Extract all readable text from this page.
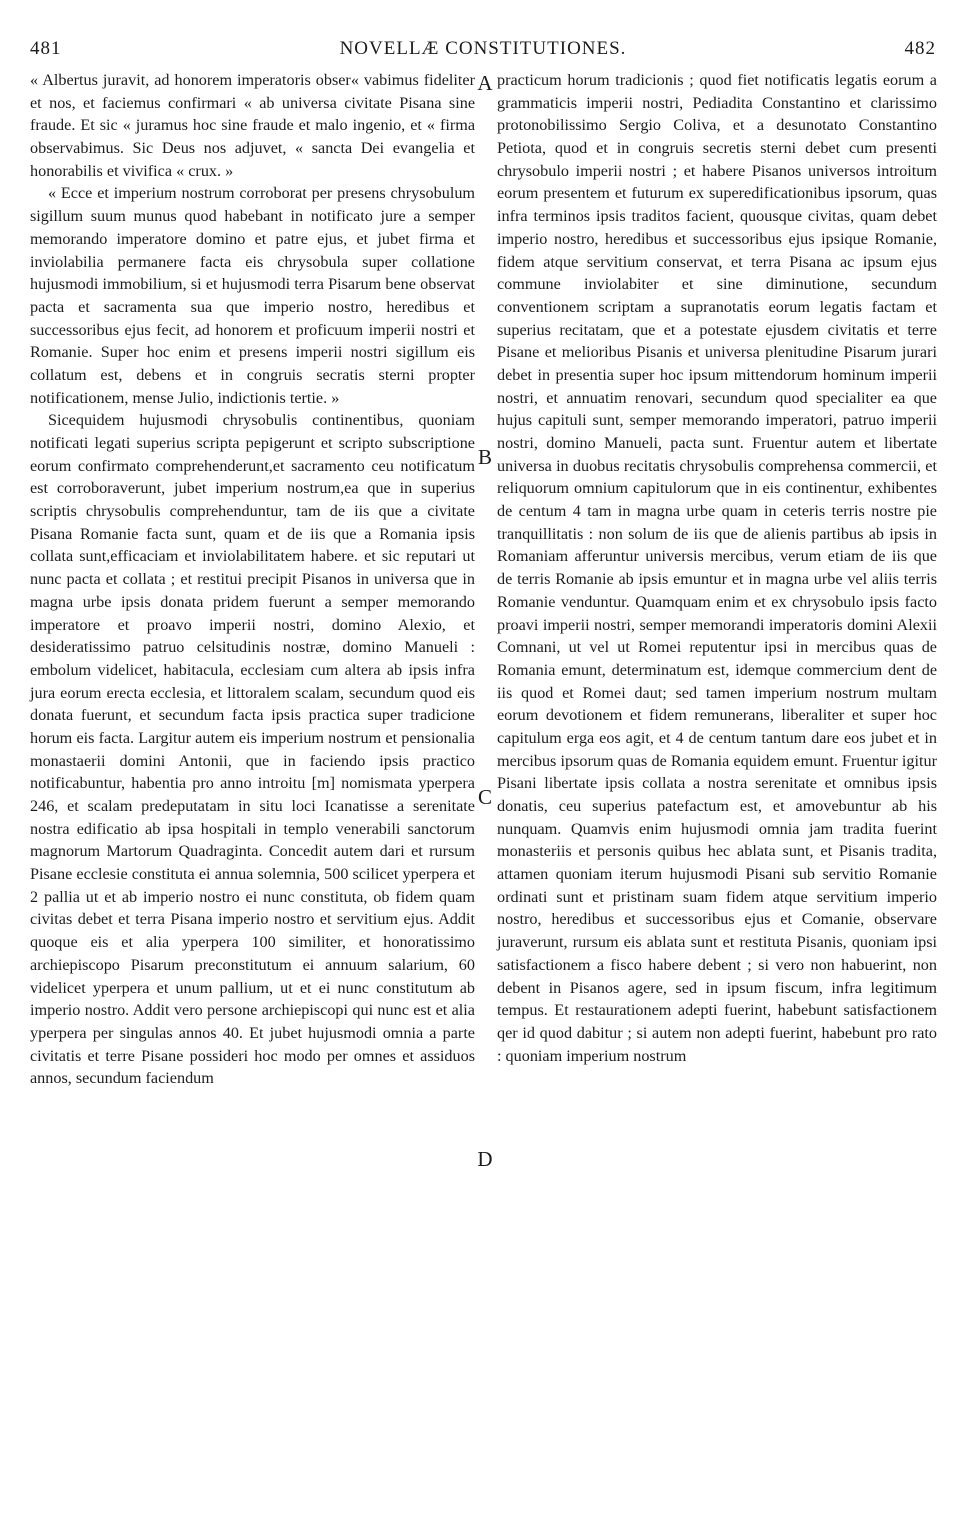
481	NOVELLÆ CONSTITUTIONES.	482

« Albertus juravit, ad honorem imperatoris obser« vabimus fideliter et nos, et faciemus confirmari « ab universa civitate Pisana sine fraude. Et sic « juramus hoc sine fraude et malo ingenio, et « firma observabimus. Sic Deus nos adjuvet, « sancta Dei evangelia et honorabilis et vivifica « crux. »

« Ecce et imperium nostrum corroborat per presens chrysobulum sigillum suum munus quod habebant in notificato jure a semper memorando imperatore domino et patre ejus, et jubet firma et inviolabilia permanere facta eis chrysobula super collatione hujusmodi immobilium, si et hujusmodi terra Pisarum bene observat pacta et sacramenta sua que imperio nostro, heredibus et successoribus ejus fecit, ad honorem et proficuum imperii nostri et Romanie. Super hoc enim et presens imperii nostri sigillum eis collatum est, debens et in congruis secratis sterni propter notificationem, mense Julio, indictionis tertie. »

Sicequidem hujusmodi chrysobulis continentibus, quoniam notificati legati superius scripta pepigerunt et scripto subscriptione eorum confirmato comprehenderunt,et sacramento ceu notificatum est corroboraverunt, jubet imperium nostrum,ea que in superius scriptis chrysobulis comprehenduntur, tam de iis que a civitate Pisana Romanie facta sunt, quam et de iis que a Romania ipsis collata sunt,efficaciam et inviolabilitatem habere. et sic reputari ut nunc pacta et collata ; et restitui precipit Pisanos in universa que in magna urbe ipsis donata pridem fuerunt a semper memorando imperatore et proavo imperii nostri, domino Alexio, et desideratissimo patruo celsitudinis nostræ, domino Manueli : embolum videlicet, habitacula, ecclesiam cum altera ab ipsis infra jura eorum erecta ecclesia, et littoralem scalam, secundum quod eis donata fuerunt, et secundum facta ipsis practica super tradicione horum eis facta. Largitur autem eis imperium nostrum et pensionalia monastaerii domini Antonii, que in faciendo ipsis practico notificabuntur, habentia pro anno introitu [m] nomismata yperpera 246, et scalam predeputatam in situ loci Icanatisse a serenitate nostra edificatio ab ipsa hospitali in templo venerabili sanctorum magnorum Martorum Quadraginta. Concedit autem dari et rursum Pisane ecclesie constituta ei annua solemnia, 500 scilicet yperpera et 2 pallia ut et ab imperio nostro ei nunc constituta, ob fidem quam civitas debet et terra Pisana imperio nostro et servitium ejus. Addit quoque eis et alia yperpera 100 similiter, et honoratissimo archiepiscopo Pisarum preconstitutum ei annuum salarium, 60 videlicet yperpera et unum pallium, ut et ei nunc constitutum ab imperio nostro. Addit vero persone archiepiscopi qui nunc est et alia yperpera per singulas annos 40. Et jubet hujusmodi omnia a parte civitatis et terre Pisane possideri hoc modo per omnes et assiduos annos, secundum faciendum

A
B
C
D

practicum horum tradicionis ; quod fiet notificatis legatis eorum a grammaticis imperii nostri, Pediadita Constantino et clarissimo protonobilissimo Sergio Coliva, et a desunotato Constantino Petiota, quod et in congruis secretis sterni debet cum presenti chrysobulo imperii nostri ; et habere Pisanos universos introitum eorum presentem et futurum ex superedificationibus ipsorum, quas infra terminos ipsis traditos facient, quousque civitas, quam debet imperio nostro, heredibus et successoribus ejus ipsique Romanie, fidem atque servitium conservat, et terra Pisana ac ipsum ejus commune inviolabiter et sine diminutione, secundum conventionem scriptam a supranotatis eorum legatis factam et superius recitatam, que et a potestate ejusdem civitatis et terre Pisane et melioribus Pisanis et universa plenitudine Pisarum jurari debet in presentia super hoc ipsum mittendorum hominum imperii nostri, et annuatim renovari, secundum quod specialiter ea que hujus capituli sunt, semper memorando imperatori, patruo imperii nostri, domino Manueli, pacta sunt. Fruentur autem et libertate universa in duobus recitatis chrysobulis comprehensa commercii, et reliquorum omnium capitulorum que in eis continentur, exhibentes de centum 4 tam in magna urbe quam in ceteris terris nostre pie tranquillitatis : non solum de iis que de alienis partibus ab ipsis in Romaniam afferuntur universis mercibus, verum etiam de iis que de terris Romanie ab ipsis emuntur et in magna urbe vel aliis terris Romanie venduntur. Quamquam enim et ex chrysobulo ipsis facto proavi imperii nostri, semper memorandi imperatoris domini Alexii Comnani, ut vel ut Romei reputentur ipsi in mercibus quas de Romania emunt, determinatum est, idemque commercium dent de iis quod et Romei daut; sed tamen imperium nostrum multam eorum devotionem et fidem remunerans, liberaliter et super hoc capitulum erga eos agit, et 4 de centum tantum dare eos jubet et in mercibus ipsorum quas de Romania equidem emunt. Fruentur igitur Pisani libertate ipsis collata a nostra serenitate et omnibus ipsis donatis, ceu superius patefactum est, et amovebuntur ab his nunquam. Quamvis enim hujusmodi omnia jam tradita fuerint monasteriis et personis quibus hec ablata sunt, et Pisanis tradita, attamen quoniam iterum hujusmodi Pisani sub servitio Romanie ordinati sunt et pristinam suam fidem atque servitium imperio nostro, heredibus et successoribus ejus et Comanie, observare juraverunt, rursum eis ablata sunt et restituta Pisanis, quoniam ipsi satisfactionem a fisco habere debent ; si vero non habuerint, non debent in Pisanos agere, sed in ipsum fiscum, infra legitimum tempus. Et restaurationem adepti fuerint, habebunt satisfactionem qer id quod dabitur ; si autem non adepti fuerint, habebunt pro rato : quoniam imperium nostrum
